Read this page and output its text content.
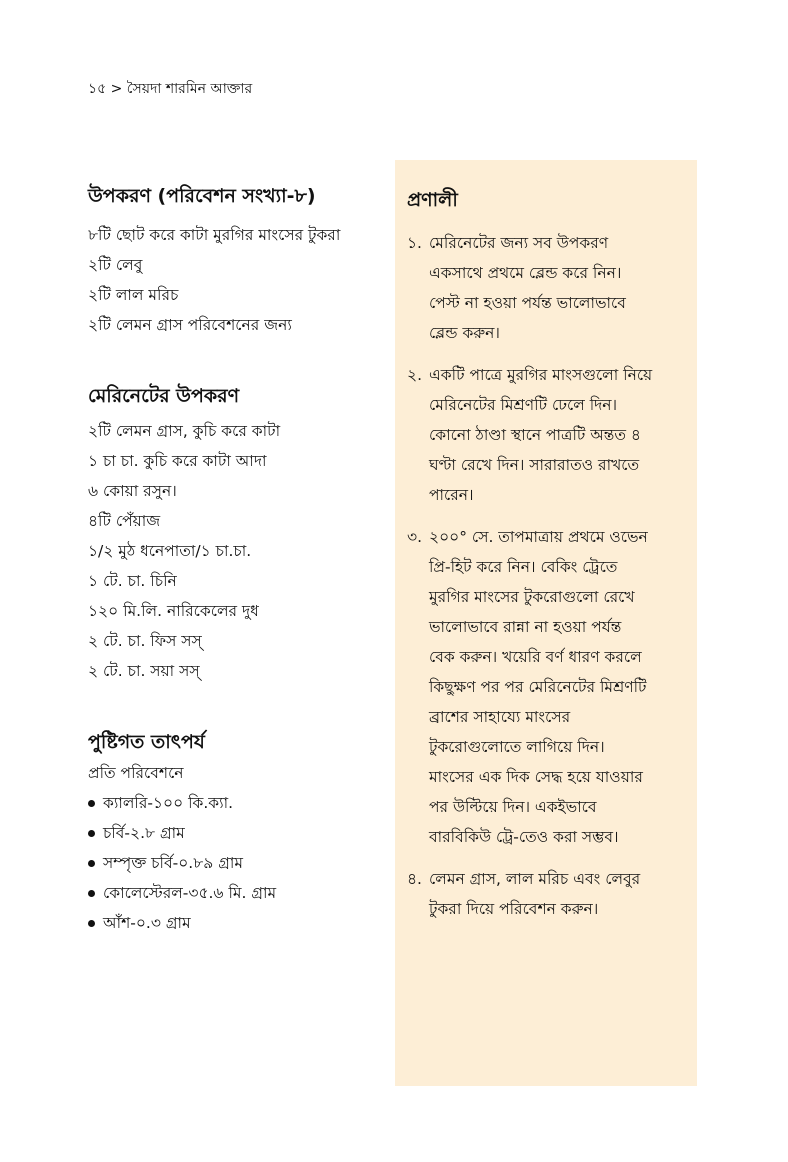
১৫ > সৈয়দা শারমিন আক্তার
উপকরণ (পরিবেশন সংখ্যা-৮)
৮টি ছোট করে কাটা মুরগির মাংসের টুকরা
২টি লেবু
২টি লাল মরিচ
২টি লেমন গ্রাস পরিবেশনের জন্য
মেরিনেটের উপকরণ
২টি লেমন গ্রাস, কুচি করে কাটা
১ চা চা. কুচি করে কাটা আদা
৬ কোয়া রসুন।
৪টি পেঁয়াজ
১/২ মুঠ ধনেপাতা/১ চা.চা.
১ টে. চা. চিনি
১২০ মি.লি. নারিকেলের দুধ
২ টে. চা. ফিস সস্
২ টে. চা. সয়া সস্
পুষ্টিগত তাৎপর্য

প্রতি পরিবেশনে

ক্যালরি-১০০ কি.ক্যা.
চর্বি-২.৮ গ্রাম
সম্পৃক্ত চর্বি-০.৮৯ গ্রাম
কোলেস্টেরল-৩৫.৬ মি. গ্রাম
আঁশ-০.৩ গ্রাম
প্রণালী
১. মেরিনেটের জন্য সব উপকরণ

একসাথে প্রথমে ব্লেন্ড করে নিন।

পেস্ট না হওয়া পর্যন্ত ভালোভাবে

ব্লেন্ড করুন।

২. একটি পাত্রে মুরগির মাংসগুলো নিয়ে

মেরিনেটের মিশ্রণটি ঢেলে দিন।

কোনো ঠাণ্ডা স্থানে পাত্রটি অন্তত ৪

ঘণ্টা রেখে দিন। সারারাতও রাখতে

পারেন।

৩. ২০০° সে. তাপমাত্রায় প্রথমে ওভেন

প্রি-হিট করে নিন। বেকিং ট্রেতে

মুরগির মাংসের টুকরোগুলো রেখে

ভালোভাবে রান্না না হওয়া পর্যন্ত

বেক করুন। খয়েরি বর্ণ ধারণ করলে

কিছুক্ষণ পর পর মেরিনেটের মিশ্রণটি

ব্রাশের সাহায্যে মাংসের

টুকরোগুলোতে লাগিয়ে দিন।

মাংসের এক দিক সেদ্ধ হয়ে যাওয়ার

পর উল্টিয়ে দিন। একইভাবে

বারবিকিউ ট্রে-তেও করা সম্ভব।

৪. লেমন গ্রাস, লাল মরিচ এবং লেবুর

টুকরা দিয়ে পরিবেশন করুন।
